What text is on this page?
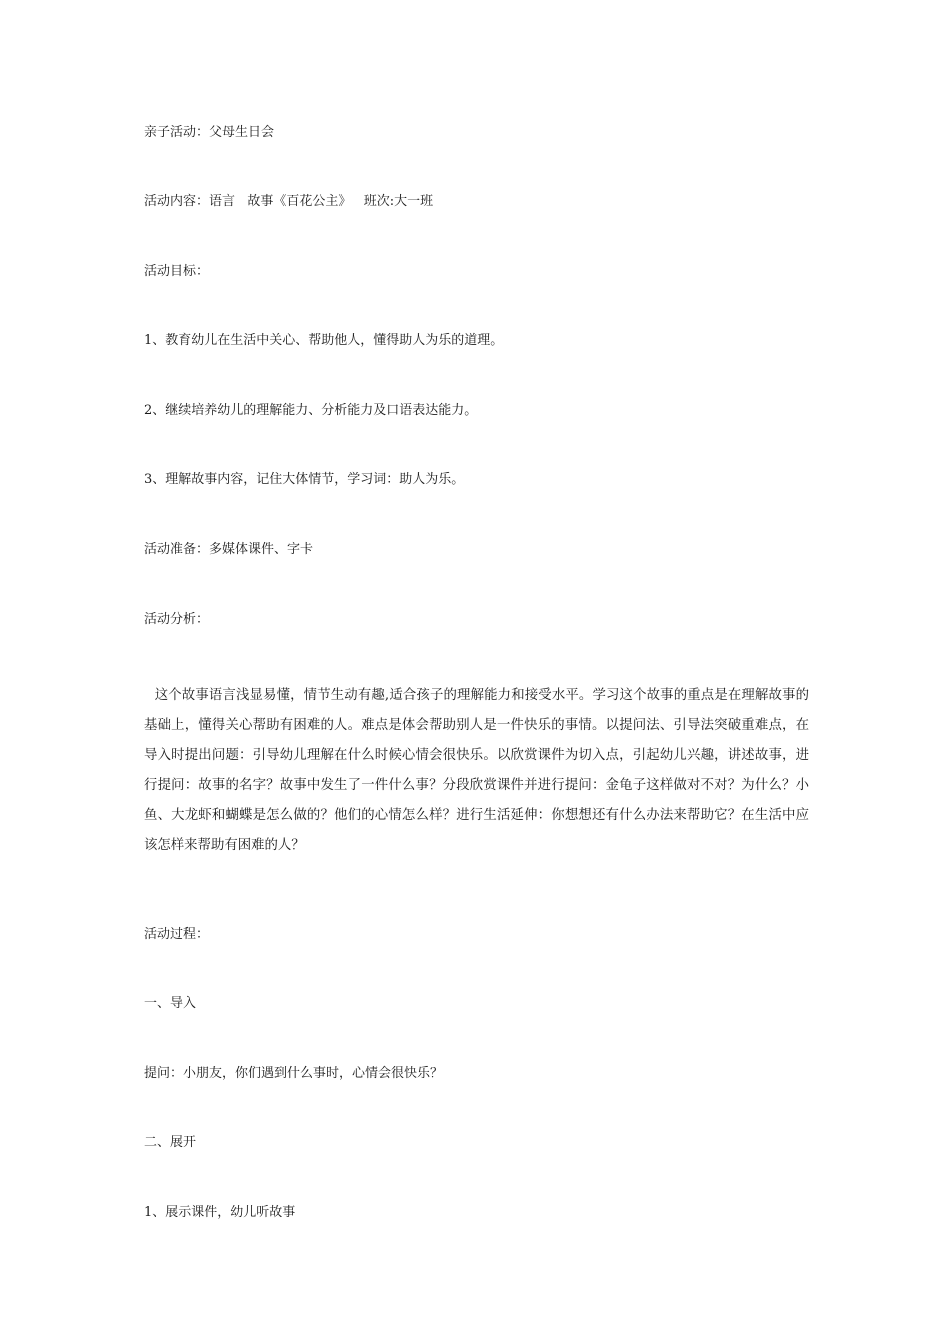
亲子活动：父母生日会
活动内容：语言   故事《百花公主》   班次:大一班
活动目标：
1、教育幼儿在生活中关心、帮助他人，懂得助人为乐的道理。
2、继续培养幼儿的理解能力、分析能力及口语表达能力。
3、理解故事内容，记住大体情节，学习词：助人为乐。
活动准备：多媒体课件、字卡
活动分析：
这个故事语言浅显易懂，情节生动有趣,适合孩子的理解能力和接受水平。学习这个故事的重点是在理解故事的基础上，懂得关心帮助有困难的人。难点是体会帮助别人是一件快乐的事情。以提问法、引导法突破重难点，在导入时提出问题：引导幼儿理解在什么时候心情会很快乐。以欣赏课件为切入点，引起幼儿兴趣，讲述故事，进行提问：故事的名字？故事中发生了一件什么事？分段欣赏课件并进行提问：金龟子这样做对不对？为什么？小鱼、大龙虾和蝴蝶是怎么做的？他们的心情怎么样？进行生活延伸：你想想还有什么办法来帮助它？在生活中应该怎样来帮助有困难的人？
活动过程：
一、导入
提问：小朋友，你们遇到什么事时，心情会很快乐？
二、展开
1、展示课件，幼儿听故事
